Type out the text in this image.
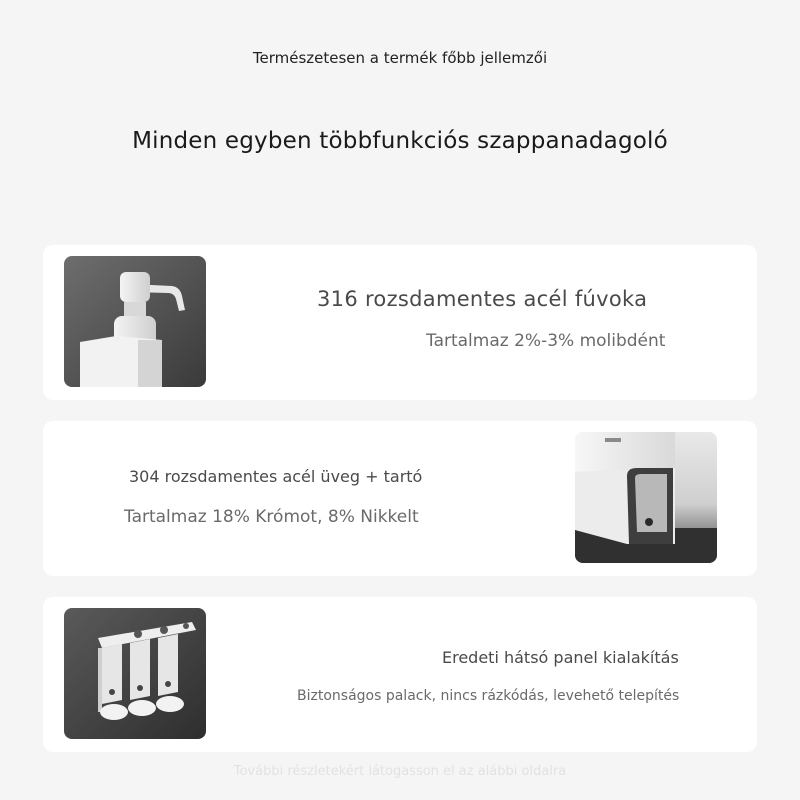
Természetesen a termék főbb jellemzői
Minden egyben többfunkciós szappanadagoló
316 rozsdamentes acél fúvoka
Tartalmaz 2%-3% molibdént
304 rozsdamentes acél üveg + tartó
Tartalmaz 18% Krómot, 8% Nikkelt
Eredeti hátsó panel kialakítás
Biztonságos palack, nincs rázkódás, levehető telepítés
További részletekért látogasson el az alábbi oldalra
